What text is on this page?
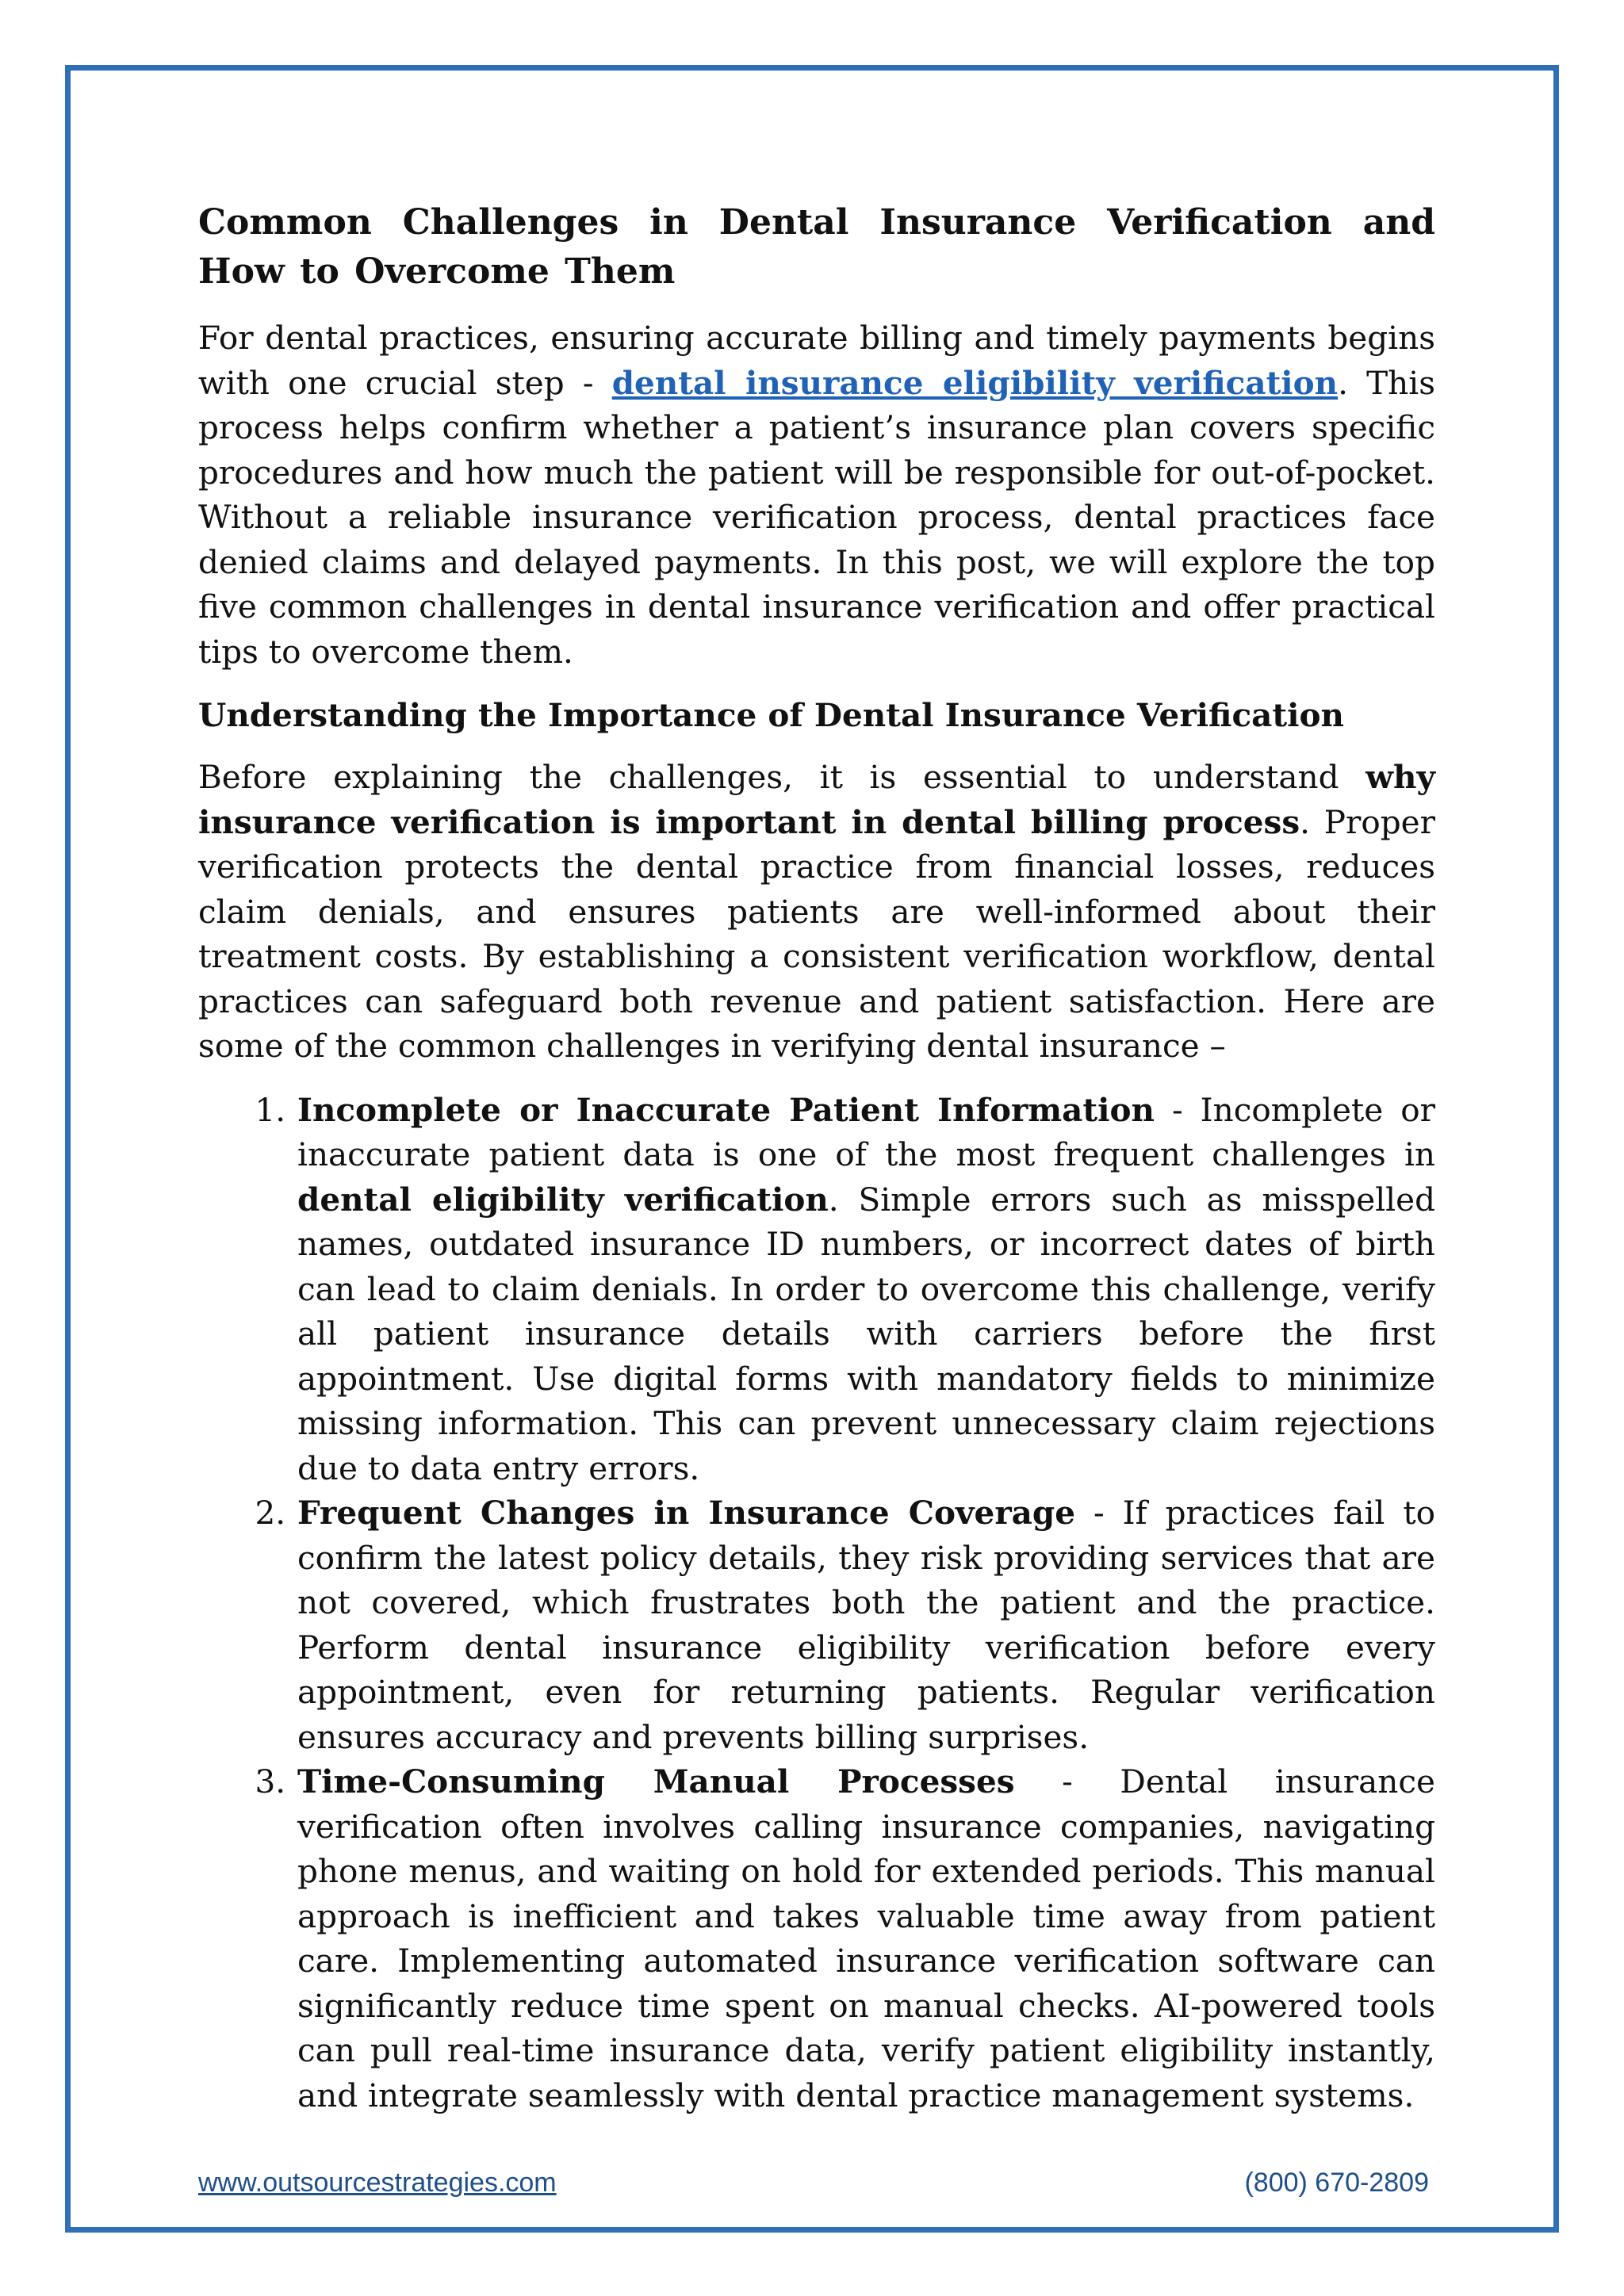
Common Challenges in Dental Insurance Verification and How to Overcome Them

For dental practices, ensuring accurate billing and timely payments begins with one crucial step - dental insurance eligibility verification. This process helps confirm whether a patient’s insurance plan covers specific procedures and how much the patient will be responsible for out-of-pocket. Without a reliable insurance verification process, dental practices face denied claims and delayed payments. In this post, we will explore the top five common challenges in dental insurance verification and offer practical tips to overcome them.

Understanding the Importance of Dental Insurance Verification

Before explaining the challenges, it is essential to understand why insurance verification is important in dental billing process. Proper verification protects the dental practice from financial losses, reduces claim denials, and ensures patients are well-informed about their treatment costs. By establishing a consistent verification workflow, dental practices can safeguard both revenue and patient satisfaction. Here are some of the common challenges in verifying dental insurance –

1. Incomplete or Inaccurate Patient Information - Incomplete or inaccurate patient data is one of the most frequent challenges in dental eligibility verification. Simple errors such as misspelled names, outdated insurance ID numbers, or incorrect dates of birth can lead to claim denials. In order to overcome this challenge, verify all patient insurance details with carriers before the first appointment. Use digital forms with mandatory fields to minimize missing information. This can prevent unnecessary claim rejections due to data entry errors.
2. Frequent Changes in Insurance Coverage - If practices fail to confirm the latest policy details, they risk providing services that are not covered, which frustrates both the patient and the practice. Perform dental insurance eligibility verification before every appointment, even for returning patients. Regular verification ensures accuracy and prevents billing surprises.
3. Time-Consuming Manual Processes - Dental insurance verification often involves calling insurance companies, navigating phone menus, and waiting on hold for extended periods. This manual approach is inefficient and takes valuable time away from patient care. Implementing automated insurance verification software can significantly reduce time spent on manual checks. AI-powered tools can pull real-time insurance data, verify patient eligibility instantly, and integrate seamlessly with dental practice management systems.
www.outsourcestrategies.com	(800) 670-2809
